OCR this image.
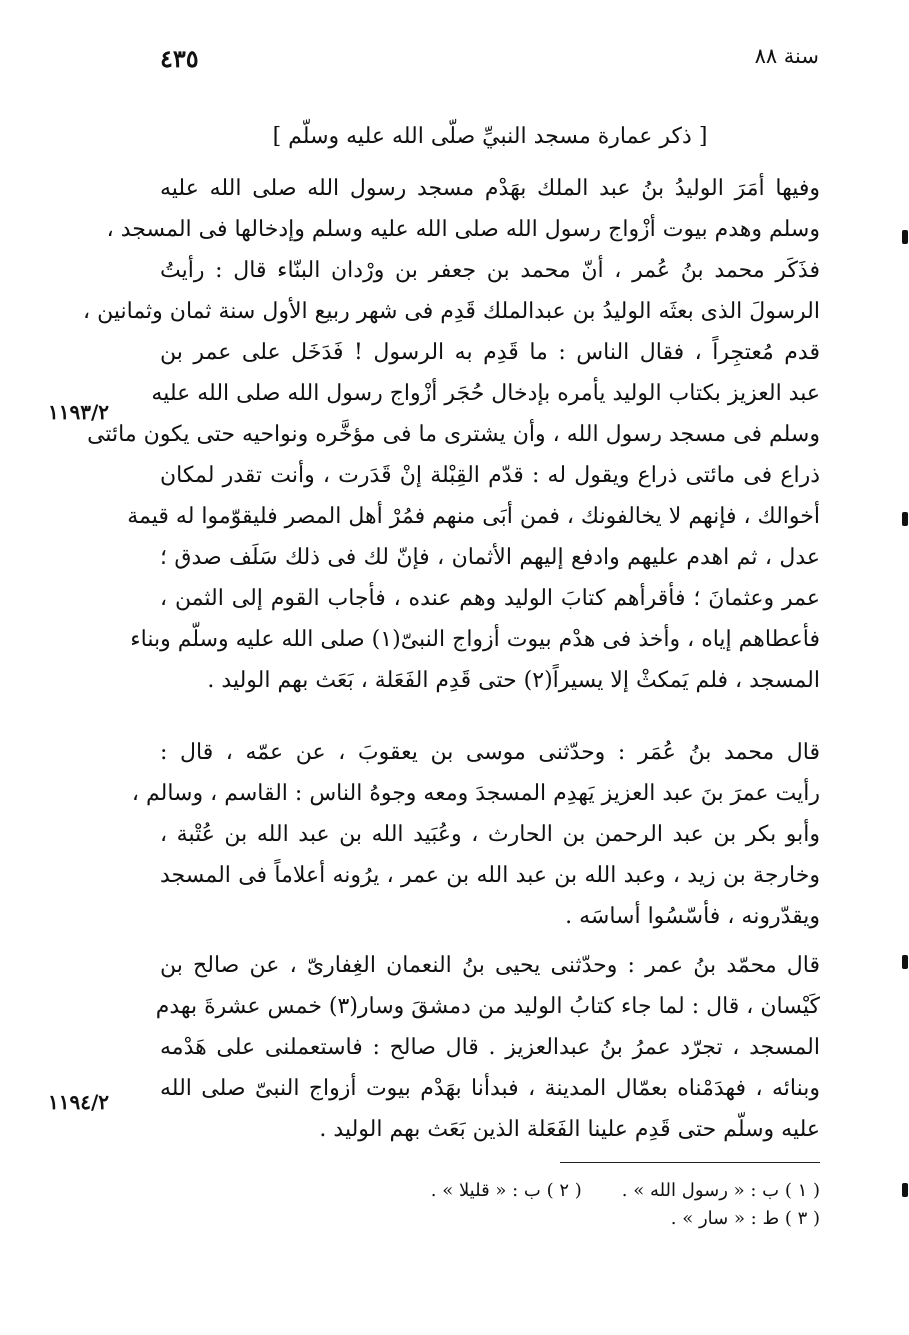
٤٣٥	سنة ٨٨
[ ذكر عمارة مسجد النبيِّ صلّى الله عليه وسلّم ]
وفيها أمَرَ الوليدُ بنُ عبد الملك بهَدْم مسجد رسول الله صلى الله عليه
وسلم وهدم بيوت أزْواج رسول الله صلى الله عليه وسلم وإدخالها فى المسجد ،
فذَكَر محمد بنُ عُمر ، أنّ محمد بن جعفر بن ورْدان البنّاء قال : رأيتُ
الرسولَ الذى بعثَه الوليدُ بن عبدالملك قَدِم فى شهر ربيع الأول سنة ثمان وثمانين ،
قدم مُعتجِراً ، فقال الناس : ما قَدِم به الرسول ! فَدَخَل على عمر بن
عبد العزيز بكتاب الوليد يأمره بإدخال حُجَر أزْواج رسول الله صلى الله عليه
وسلم فى مسجد رسول الله ، وأن يشترى ما فى مؤخَّره ونواحيه حتى يكون مائتى
ذراع فى مائتى ذراع ويقول له : قدّم القِبْلة إنْ قَدَرت ، وأنت تقدر لمكان
أخوالك ، فإنهم لا يخالفونك ، فمن أبَى منهم فمُرْ أهل المصر فليقوّموا له قيمة
عدل ، ثم اهدم عليهم وادفع إليهم الأثمان ، فإنّ لك فى ذلك سَلَف صدق ؛
عمر وعثمانَ ؛ فأقرأهم كتابَ الوليد وهم عنده ، فأجاب القوم إلى الثمن ،
فأعطاهم إياه ، وأخذ فى هدْم بيوت أزواج النبىّ(١) صلى الله عليه وسلّم وبناء
المسجد ، فلم يَمكثْ إلا يسيراً(٢) حتى قَدِم الفَعَلة ، بَعَث بهم الوليد .
قال محمد بنُ عُمَر : وحدّثنى موسى بن يعقوبَ ، عن عمّه ، قال :
رأيت عمرَ بنَ عبد العزيز يَهدِم المسجدَ ومعه وجوهُ الناس : القاسم ، وسالم ،
وأبو بكر بن عبد الرحمن بن الحارث ، وعُبَيد الله بن عبد الله بن عُتْبة ،
وخارجة بن زيد ، وعبد الله بن عبد الله بن عمر ، يرُونه أعلاماً فى المسجد
ويقدّرونه ، فأسّسُوا أساسَه .
قال محمّد بنُ عمر : وحدّثنى يحيى بنُ النعمان الغِفارىّ ، عن صالح بن
كَيْسان ، قال : لما جاء كتابُ الوليد من دمشقَ وسار(٣) خمس عشرةَ بهدم
المسجد ، تجرّد عمرُ بنُ عبدالعزيز . قال صالح : فاستعملنى على هَدْمه
وبنائه ، فهدَمْناه بعمّال المدينة ، فبدأنا بهَدْم بيوت أزواج النبىّ صلى الله
عليه وسلّم حتى قَدِم علينا الفَعَلة الذين بَعَث بهم الوليد .
١١٩٣/٢
١١٩٤/٢
( ١ ) ب : « رسول الله » .( ٢ ) ب : « قليلا » .
( ٣ ) ط : « سار » .
